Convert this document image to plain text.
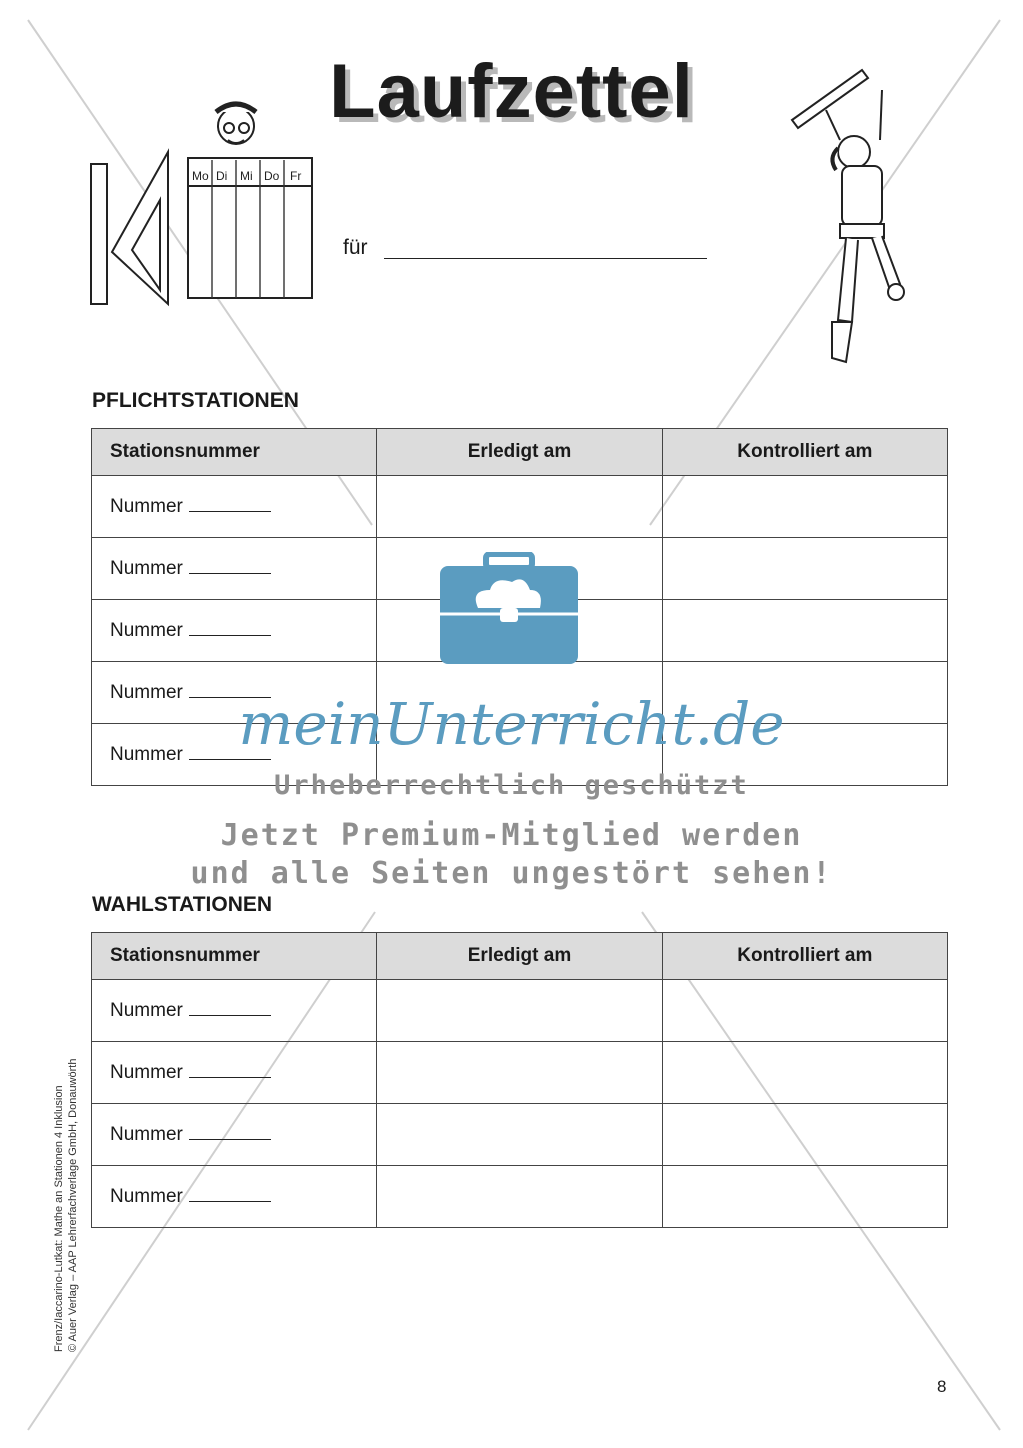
Laufzettel
Mo Di Mi Do Fr
für
PFLICHTSTATIONEN
Stationsnummer	Erledigt am	Kontrolliert am
Nummer		
Nummer		
Nummer		
Nummer		
Nummer		
WAHLSTATIONEN
Stationsnummer	Erledigt am	Kontrolliert am
Nummer		
Nummer		
Nummer		
Nummer		
meinUnterricht.de
Urheberrechtlich geschützt
Jetzt Premium-Mitglied werden
und alle Seiten ungestört sehen!
Frenz/Iaccarino-Lutkat: Mathe an Stationen 4 Inklusion © Auer Verlag – AAP Lehrerfachverlage GmbH, Donauwörth
8
